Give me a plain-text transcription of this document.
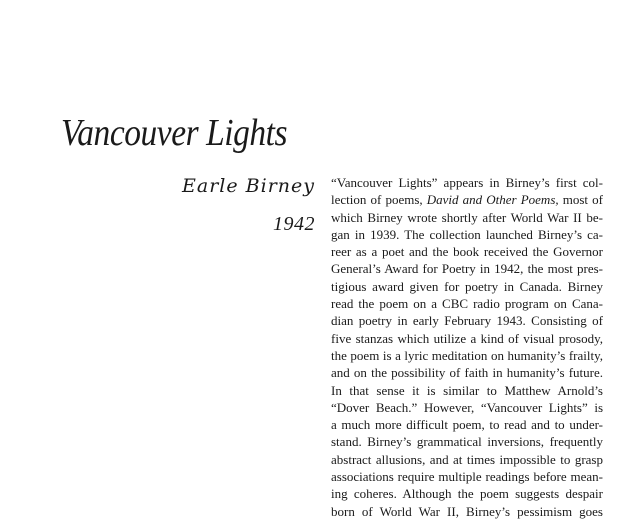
Vancouver Lights
Earle Birney
1942
“Vancouver Lights” appears in Birney’s first col-
lection of poems, David and Other Poems, most of
which Birney wrote shortly after World War II be-
gan in 1939. The collection launched Birney’s ca-
reer as a poet and the book received the Governor
General’s Award for Poetry in 1942, the most pres-
tigious award given for poetry in Canada. Birney
read the poem on a CBC radio program on Cana-
dian poetry in early February 1943. Consisting of
five stanzas which utilize a kind of visual prosody,
the poem is a lyric meditation on humanity’s frailty,
and on the possibility of faith in humanity’s future.
In that sense it is similar to Matthew Arnold’s
“Dover Beach.” However, “Vancouver Lights” is
a much more difficult poem, to read and to under-
stand. Birney’s grammatical inversions, frequently
abstract allusions, and at times impossible to grasp
associations require multiple readings before mean-
ing coheres. Although the poem suggests despair
born of World War II, Birney’s pessimism goes
